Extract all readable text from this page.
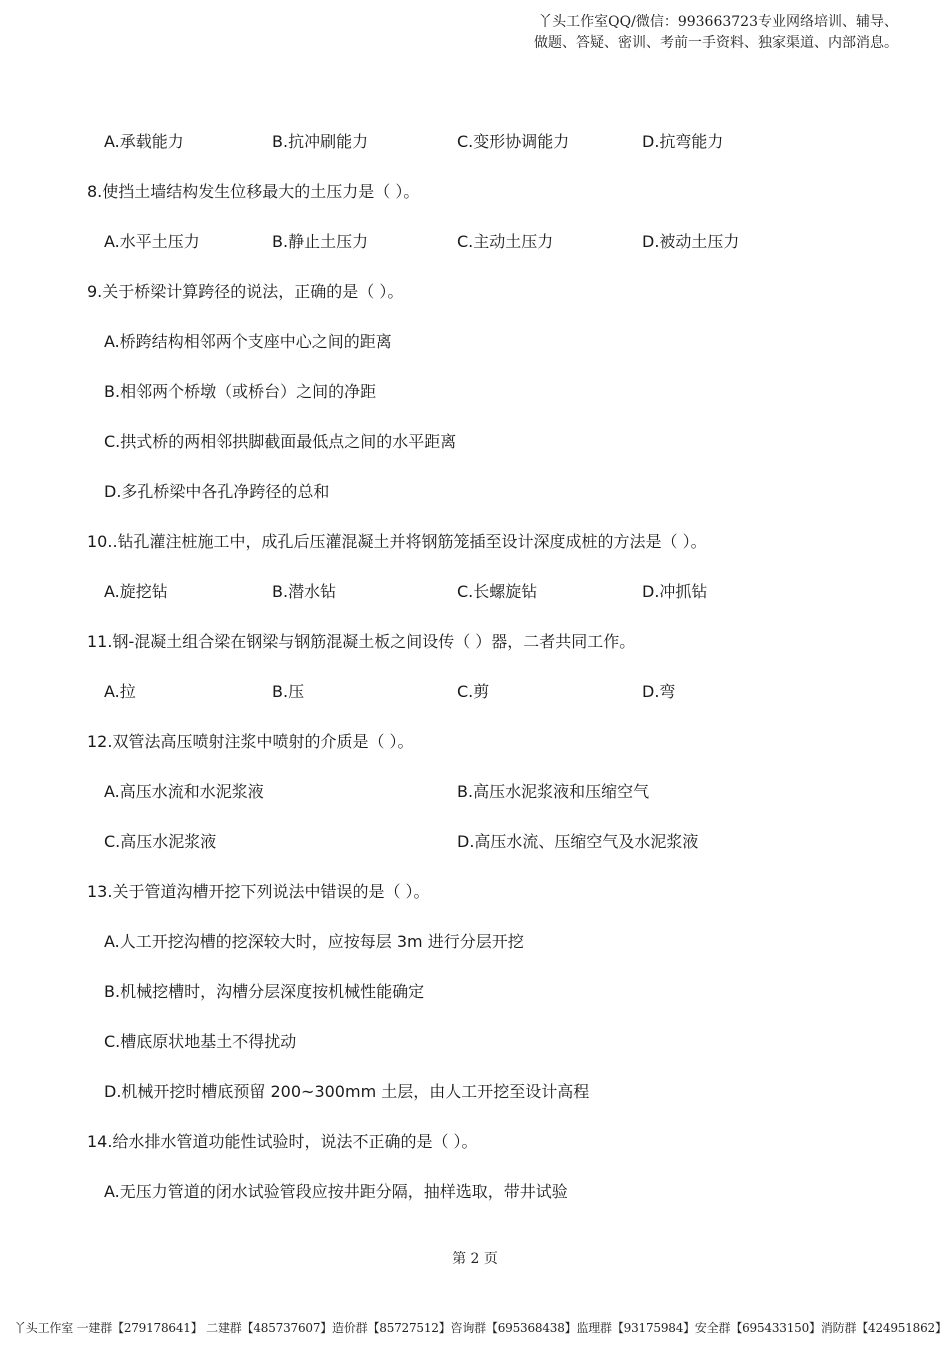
丫头工作室QQ/微信：993663723专业网络培训、辅导、
做题、答疑、密训、考前一手资料、独家渠道、内部消息。
A.承载能力	B.抗冲刷能力	C.变形协调能力	D.抗弯能力
8.使挡土墙结构发生位移最大的土压力是（ ）。
A.水平土压力	B.静止土压力	C.主动土压力	D.被动土压力
9.关于桥梁计算跨径的说法，正确的是（ ）。
A.桥跨结构相邻两个支座中心之间的距离
B.相邻两个桥墩（或桥台）之间的净距
C.拱式桥的两相邻拱脚截面最低点之间的水平距离
D.多孔桥梁中各孔净跨径的总和
10..钻孔灌注桩施工中，成孔后压灌混凝土并将钢筋笼插至设计深度成桩的方法是（ ）。
A.旋挖钻	B.潜水钻	C.长螺旋钻	D.冲抓钻
11.钢-混凝土组合梁在钢梁与钢筋混凝土板之间设传（ ）器，二者共同工作。
A.拉	B.压	C.剪	D.弯
12.双管法高压喷射注浆中喷射的介质是（ ）。
A.高压水流和水泥浆液	B.高压水泥浆液和压缩空气
C.高压水泥浆液	D.高压水流、压缩空气及水泥浆液
13.关于管道沟槽开挖下列说法中错误的是（ ）。
A.人工开挖沟槽的挖深较大时，应按每层 3m 进行分层开挖
B.机械挖槽时，沟槽分层深度按机械性能确定
C.槽底原状地基土不得扰动
D.机械开挖时槽底预留 200~300mm 土层，由人工开挖至设计高程
14.给水排水管道功能性试验时，说法不正确的是（ ）。
A.无压力管道的闭水试验管段应按井距分隔，抽样选取，带井试验
第 2 页
丫头工作室 一建群【279178641】 二建群【485737607】造价群【85727512】咨询群【695368438】监理群【93175984】安全群【695433150】消防群【424951862】
